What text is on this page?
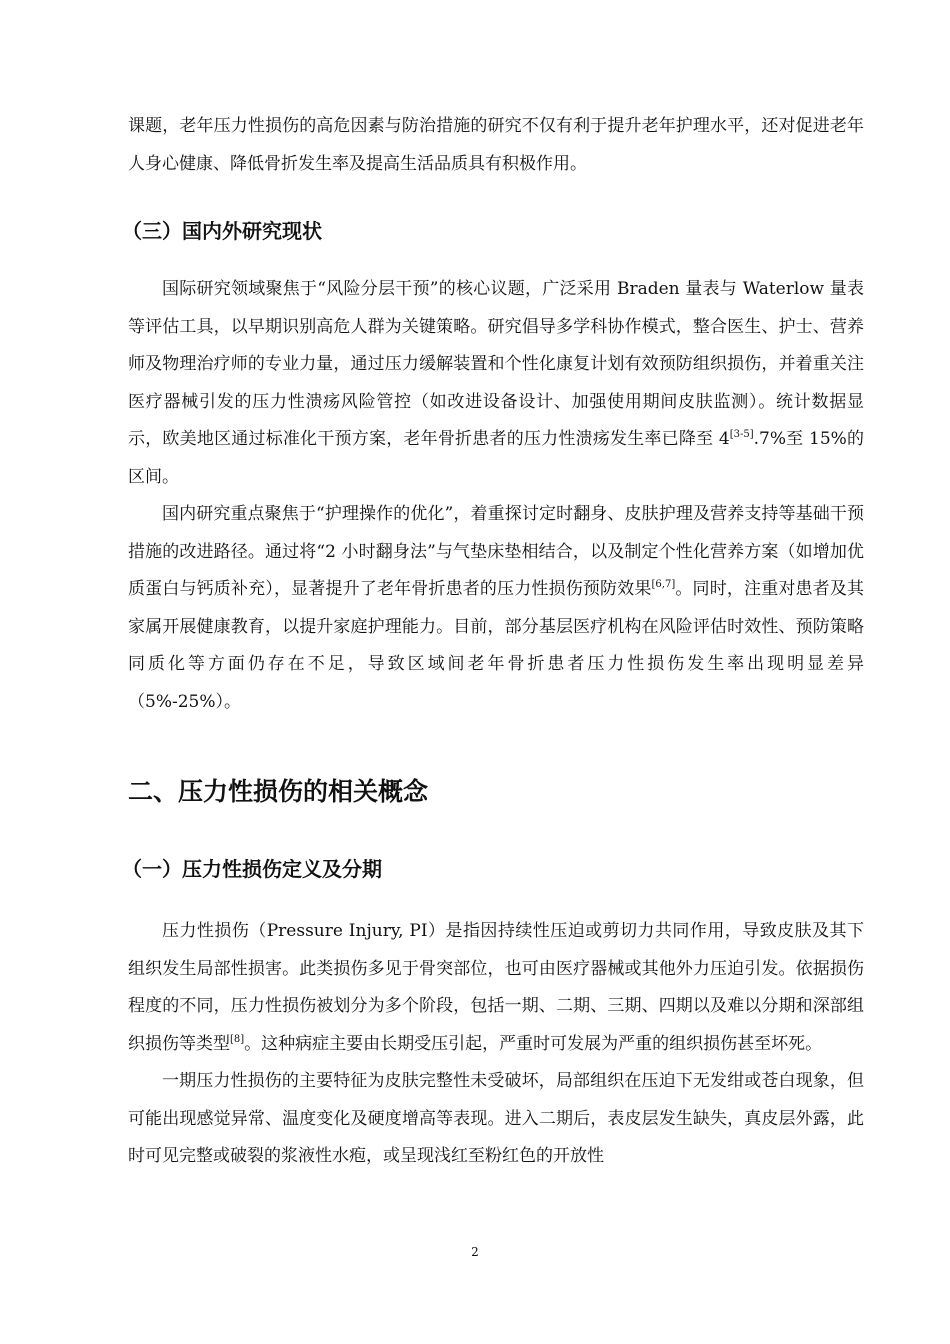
课题，老年压力性损伤的高危因素与防治措施的研究不仅有利于提升老年护理水平，还对促进老年人身心健康、降低骨折发生率及提高生活品质具有积极作用。

（三）国内外研究现状

国际研究领域聚焦于“风险分层干预”的核心议题，广泛采用 Braden 量表与 Waterlow 量表等评估工具，以早期识别高危人群为关键策略。研究倡导多学科协作模式，整合医生、护士、营养师及物理治疗师的专业力量，通过压力缓解装置和个性化康复计划有效预防组织损伤，并着重关注医疗器械引发的压力性溃疡风险管控（如改进设备设计、加强使用期间皮肤监测）。统计数据显示，欧美地区通过标准化干预方案，老年骨折患者的压力性溃疡发生率已降至 4[3-5].7%至 15%的区间。

国内研究重点聚焦于“护理操作的优化”，着重探讨定时翻身、皮肤护理及营养支持等基础干预措施的改进路径。通过将“2 小时翻身法”与气垫床垫相结合，以及制定个性化营养方案（如增加优质蛋白与钙质补充），显著提升了老年骨折患者的压力性损伤预防效果[6,7]。同时，注重对患者及其家属开展健康教育，以提升家庭护理能力。目前，部分基层医疗机构在风险评估时效性、预防策略同质化等方面仍存在不足，导致区域间老年骨折患者压力性损伤发生率出现明显差异（5%-25%）。

二、压力性损伤的相关概念
（一）压力性损伤定义及分期

压力性损伤（Pressure Injury, PI）是指因持续性压迫或剪切力共同作用，导致皮肤及其下组织发生局部性损害。此类损伤多见于骨突部位，也可由医疗器械或其他外力压迫引发。依据损伤程度的不同，压力性损伤被划分为多个阶段，包括一期、二期、三期、四期以及难以分期和深部组织损伤等类型[8]。这种病症主要由长期受压引起，严重时可发展为严重的组织损伤甚至坏死。

一期压力性损伤的主要特征为皮肤完整性未受破坏，局部组织在压迫下无发绀或苍白现象，但可能出现感觉异常、温度变化及硬度增高等表现。进入二期后，表皮层发生缺失，真皮层外露，此时可见完整或破裂的浆液性水疱，或呈现浅红至粉红色的开放性

2
